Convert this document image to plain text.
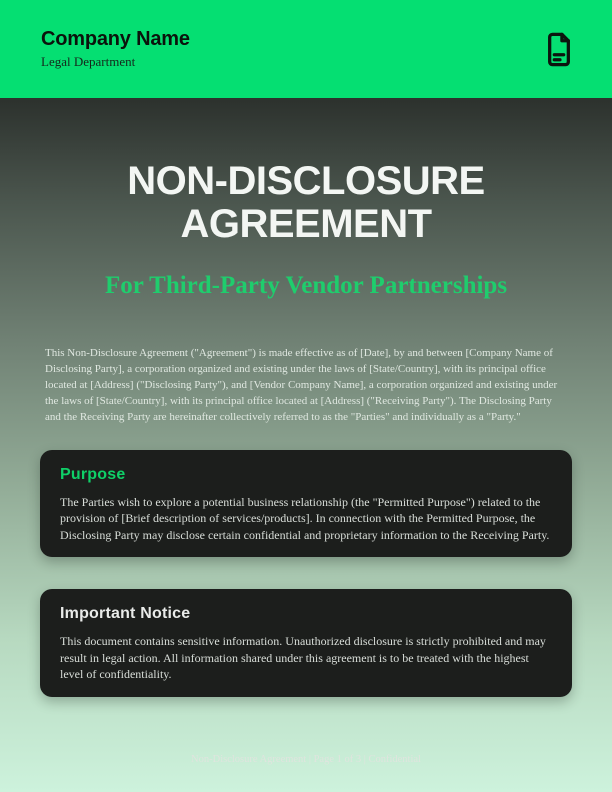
Company Name
Legal Department
NON-DISCLOSURE AGREEMENT
For Third-Party Vendor Partnerships

This Non-Disclosure Agreement ("Agreement") is made effective as of [Date], by and between [Company Name of Disclosing Party], a corporation organized and existing under the laws of [State/Country], with its principal office located at [Address] ("Disclosing Party"), and [Vendor Company Name], a corporation organized and existing under the laws of [State/Country], with its principal office located at [Address] ("Receiving Party"). The Disclosing Party and the Receiving Party are hereinafter collectively referred to as the "Parties" and individually as a "Party."

Purpose

The Parties wish to explore a potential business relationship (the "Permitted Purpose") related to the provision of [Brief description of services/products]. In connection with the Permitted Purpose, the Disclosing Party may disclose certain confidential and proprietary information to the Receiving Party.

Important Notice

This document contains sensitive information. Unauthorized disclosure is strictly prohibited and may result in legal action. All information shared under this agreement is to be treated with the highest level of confidentiality.

Non-Disclosure Agreement | Page 1 of 3 | Confidential
